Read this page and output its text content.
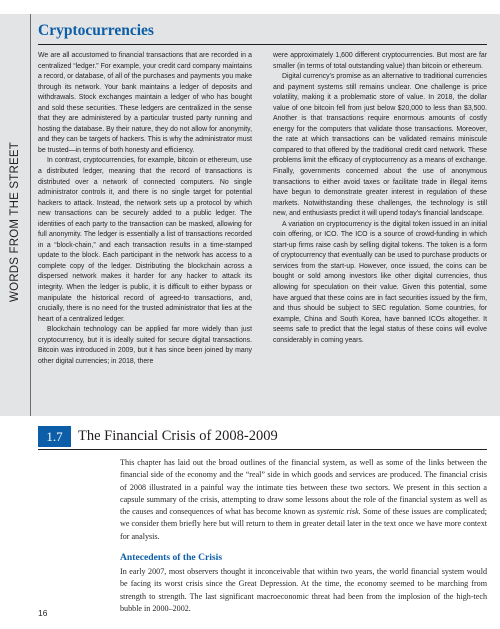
WORDS FROM THE STREET
Cryptocurrencies

We are all accustomed to financial transactions that are recorded in a centralized “ledger.” For example, your credit card company maintains a record, or database, of all of the purchases and payments you make through its network. Your bank maintains a ledger of deposits and withdrawals. Stock exchanges maintain a ledger of who has bought and sold these securities. These ledgers are centralized in the sense that they are administered by a particular trusted party running and hosting the database. By their nature, they do not allow for anonymity, and they can be targets of hackers. This is why the administrator must be trusted—in terms of both honesty and efficiency.

In contrast, cryptocurrencies, for example, bitcoin or ethereum, use a distributed ledger, meaning that the record of transactions is distributed over a network of connected computers. No single administrator controls it, and there is no single target for potential hackers to attack. Instead, the network sets up a protocol by which new transactions can be securely added to a public ledger. The identities of each party to the transaction can be masked, allowing for full anonymity. The ledger is essentially a list of transactions recorded in a “block-chain,” and each transaction results in a time-stamped update to the block. Each participant in the network has access to a complete copy of the ledger. Distributing the blockchain across a dispersed network makes it harder for any hacker to attack its integrity. When the ledger is public, it is difficult to either bypass or manipulate the historical record of agreed-to transactions, and, crucially, there is no need for the trusted administrator that lies at the heart of a centralized ledger.

Blockchain technology can be applied far more widely than just cryptocurrency, but it is ideally suited for secure digital transactions. Bitcoin was introduced in 2009, but it has since been joined by many other digital currencies; in 2018, there

were approximately 1,600 different cryptocurrencies. But most are far smaller (in terms of total outstanding value) than bitcoin or ethereum.

Digital currency’s promise as an alternative to traditional currencies and payment systems still remains unclear. One challenge is price volatility, making it a problematic store of value. In 2018, the dollar value of one bitcoin fell from just below $20,000 to less than $3,500. Another is that transactions require enormous amounts of costly energy for the computers that validate those transactions. Moreover, the rate at which transactions can be validated remains miniscule compared to that offered by the traditional credit card network. These problems limit the efficacy of cryptocurrency as a means of exchange. Finally, governments concerned about the use of anonymous transactions to either avoid taxes or facilitate trade in illegal items have begun to demonstrate greater interest in regulation of these markets. Notwithstanding these challenges, the technology is still new, and enthusiasts predict it will upend today’s financial landscape.

A variation on cryptocurrency is the digital token issued in an initial coin offering, or ICO. The ICO is a source of crowd-funding in which start-up firms raise cash by selling digital tokens. The token is a form of cryptocurrency that eventually can be used to purchase products or services from the start-up. However, once issued, the coins can be bought or sold among investors like other digital currencies, thus allowing for speculation on their value. Given this potential, some have argued that these coins are in fact securities issued by the firm, and thus should be subject to SEC regulation. Some countries, for example, China and South Korea, have banned ICOs altogether. It seems safe to predict that the legal status of these coins will evolve considerably in coming years.

1.7	The Financial Crisis of 2008-2009
This chapter has laid out the broad outlines of the financial system, as well as some of the links between the financial side of the economy and the “real” side in which goods and services are produced. The financial crisis of 2008 illustrated in a painful way the intimate ties between these two sectors. We present in this section a capsule summary of the crisis, attempting to draw some lessons about the role of the financial system as well as the causes and consequences of what has become known as systemic risk. Some of these issues are complicated; we consider them briefly here but will return to them in greater detail later in the text once we have more context for analysis.
Antecedents of the Crisis
In early 2007, most observers thought it inconceivable that within two years, the world financial system would be facing its worst crisis since the Great Depression. At the time, the economy seemed to be marching from strength to strength. The last significant macroeconomic threat had been from the implosion of the high-tech bubble in 2000–2002.
16
